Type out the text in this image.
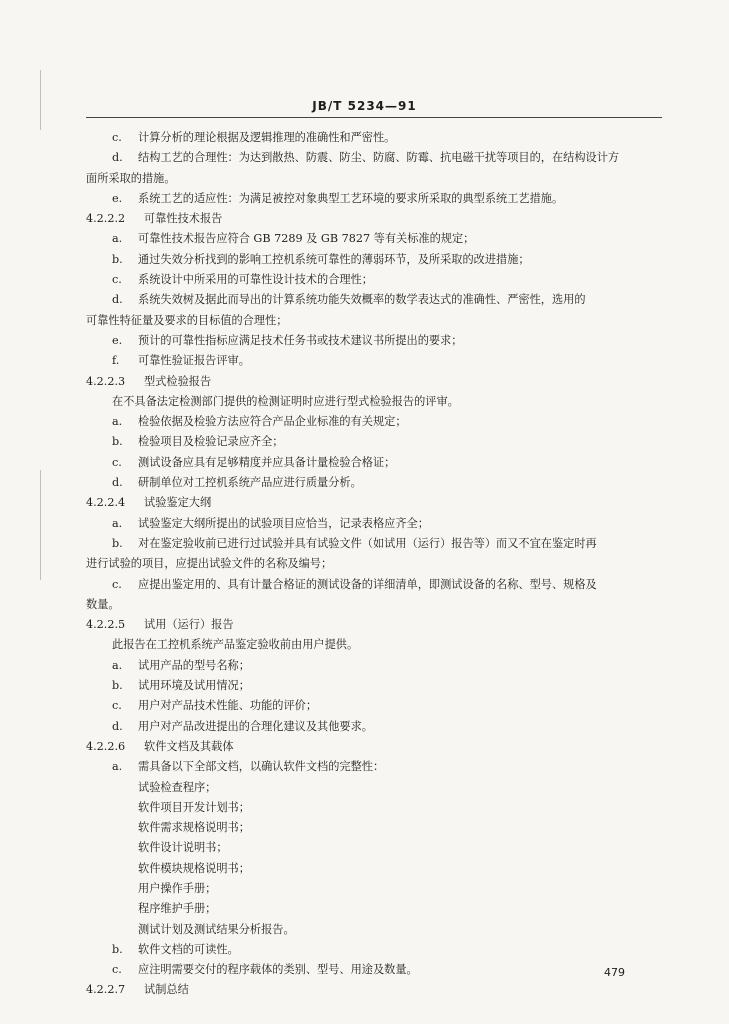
JB/T 5234—91
c. 计算分析的理论根据及逻辑推理的准确性和严密性。
d. 结构工艺的合理性：为达到散热、防震、防尘、防腐、防霉、抗电磁干扰等项目的，在结构设计方
面所采取的措施。
e. 系统工艺的适应性：为满足被控对象典型工艺环境的要求所采取的典型系统工艺措施。
4.2.2.2 可靠性技术报告
a. 可靠性技术报告应符合 GB 7289 及 GB 7827 等有关标准的规定；
b. 通过失效分析找到的影响工控机系统可靠性的薄弱环节，及所采取的改进措施；
c. 系统设计中所采用的可靠性设计技术的合理性；
d. 系统失效树及据此而导出的计算系统功能失效概率的数学表达式的准确性、严密性，选用的
可靠性特征量及要求的目标值的合理性；
e. 预计的可靠性指标应满足技术任务书或技术建议书所提出的要求；
f. 可靠性验证报告评审。
4.2.2.3 型式检验报告
在不具备法定检测部门提供的检测证明时应进行型式检验报告的评审。
a. 检验依据及检验方法应符合产品企业标准的有关规定；
b. 检验项目及检验记录应齐全；
c. 测试设备应具有足够精度并应具备计量检验合格证；
d. 研制单位对工控机系统产品应进行质量分析。
4.2.2.4 试验鉴定大纲
a. 试验鉴定大纲所提出的试验项目应恰当，记录表格应齐全；
b. 对在鉴定验收前已进行过试验并具有试验文件（如试用（运行）报告等）而又不宜在鉴定时再
进行试验的项目，应提出试验文件的名称及编号；
c. 应提出鉴定用的、具有计量合格证的测试设备的详细清单，即测试设备的名称、型号、规格及
数量。
4.2.2.5 试用（运行）报告
此报告在工控机系统产品鉴定验收前由用户提供。
a. 试用产品的型号名称；
b. 试用环境及试用情况；
c. 用户对产品技术性能、功能的评价；
d. 用户对产品改进提出的合理化建议及其他要求。
4.2.2.6 软件文档及其载体
a. 需具备以下全部文档，以确认软件文档的完整性：
试验检查程序；
软件项目开发计划书；
软件需求规格说明书；
软件设计说明书；
软件模块规格说明书；
用户操作手册；
程序维护手册；
测试计划及测试结果分析报告。
b. 软件文档的可读性。
c. 应注明需要交付的程序载体的类别、型号、用途及数量。
4.2.2.7 试制总结
479
